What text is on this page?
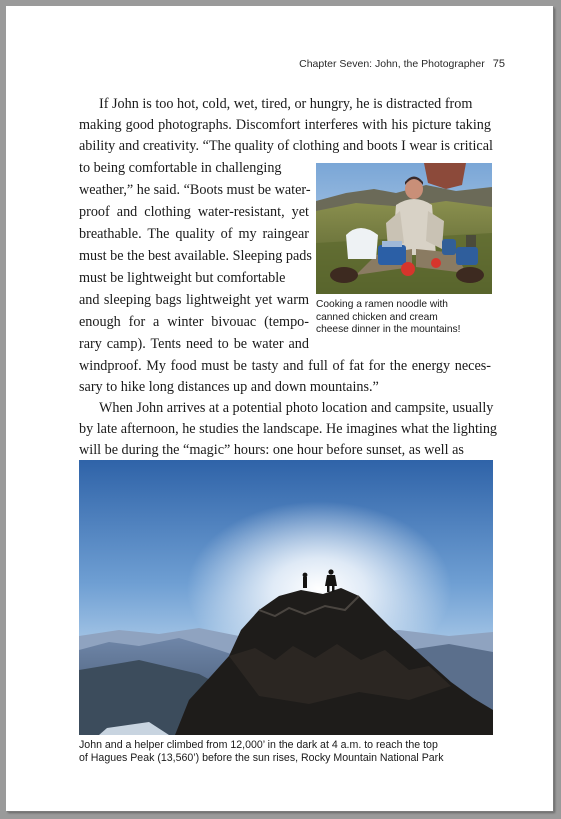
Chapter Seven: John, the Photographer 75
If John is too hot, cold, wet, tired, or hungry, he is distracted from
making good photographs. Discomfort interferes with his picture taking
ability and creativity. “The quality of clothing and boots I wear is critical
to being comfortable in challenging
weather,” he said. “Boots must be water-
proof and clothing water-resistant, yet
breathable. The quality of my raingear
must be the best available. Sleeping pads
must be lightweight but comfortable
and sleeping bags lightweight yet warm
enough for a winter bivouac (tempo-
rary camp). Tents need to be water and
windproof. My food must be tasty and full of fat for the energy neces-
sary to hike long distances up and down mountains.”
When John arrives at a potential photo location and campsite, usually
by late afternoon, he studies the landscape. He imagines what the lighting
will be during the “magic” hours: one hour before sunset, as well as
Cooking a ramen noodle with
canned chicken and cream
cheese dinner in the mountains!
John and a helper climbed from 12,000’ in the dark at 4 a.m. to reach the top
of Hagues Peak (13,560’) before the sun rises, Rocky Mountain National Park
